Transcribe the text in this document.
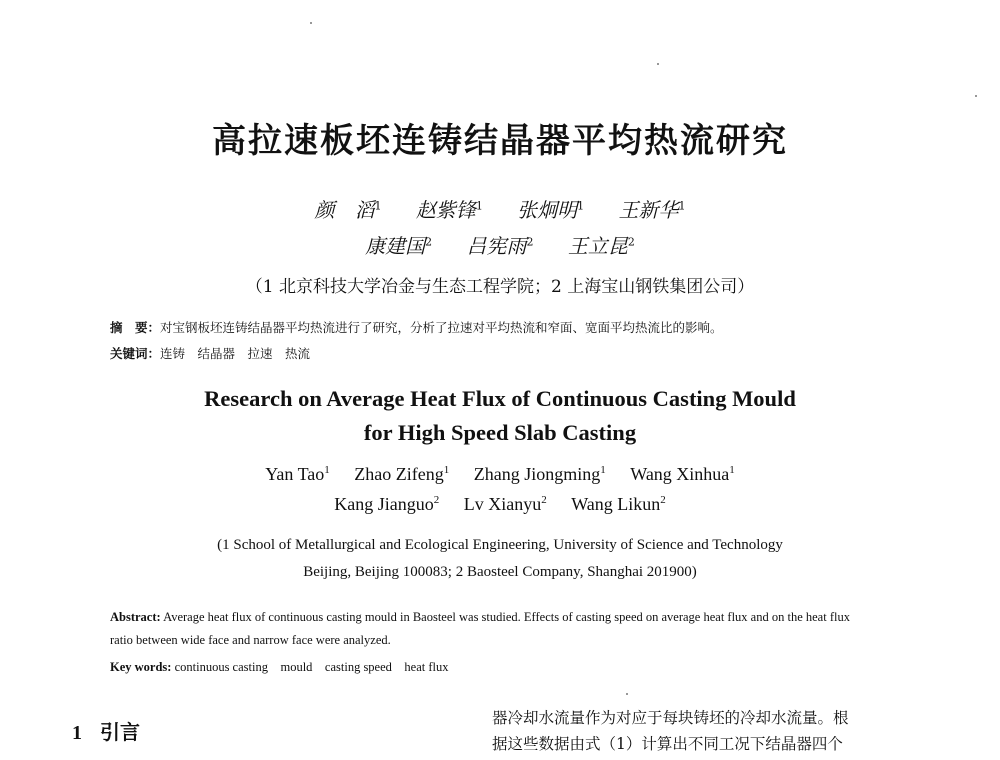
高拉速板坯连铸结晶器平均热流研究
颜　滔$^1$ 赵紫锋$^1$ 张炯明$^1$ 王新华$^1$
康建国$^2$ 吕宪雨$^2$ 王立昆$^2$
（1 北京科技大学冶金与生态工程学院；2 上海宝山钢铁集团公司）
摘　要：对宝钢板坯连铸结晶器平均热流进行了研究，分析了拉速对平均热流和窄面、宽面平均热流比的影响。
关键词：连铸　结晶器　拉速　热流
Research on Average Heat Flux of Continuous Casting Mould
for High Speed Slab Casting
Yan Tao$^1$ Zhao Zifeng$^1$ Zhang Jiongming$^1$ Wang Xinhua$^1$
Kang Jianguo$^2$ Lv Xianyu$^2$ Wang Likun$^2$
(1 School of Metallurgical and Ecological Engineering, University of Science and Technology
Beijing, Beijing 100083; 2 Baosteel Company, Shanghai 201900)
Abstract: Average heat flux of continuous casting mould in Baosteel was studied. Effects of casting speed on average heat flux and on the heat flux ratio between wide face and narrow face were analyzed.
Key words: continuous casting　mould　casting speed　heat flux
1 引言
器冷却水流量作为对应于每块铸坯的冷却水流量。根
据这些数据由式（1）计算出不同工况下结晶器四个
